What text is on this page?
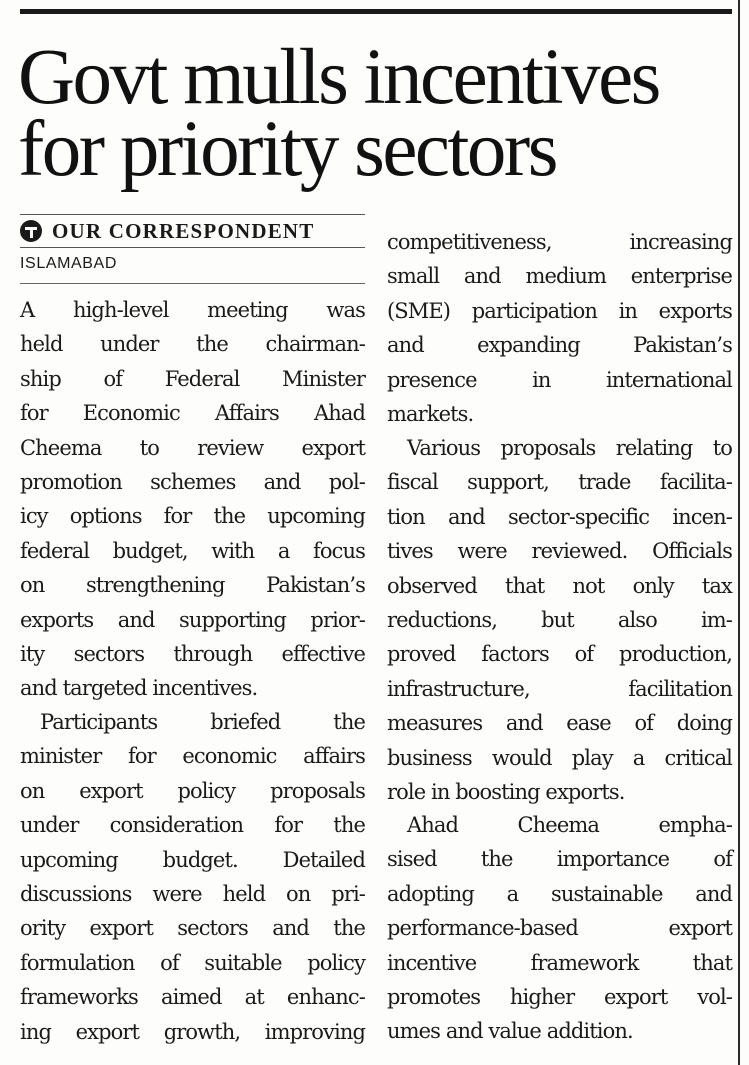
Govt mulls incentives
for priority sectors
OUR CORRESPONDENT
ISLAMABAD

A high-level meeting was
held under the chairman-
ship of Federal Minister
for Economic Affairs Ahad
Cheema to review export
promotion schemes and pol-
icy options for the upcoming
federal budget, with a focus
on strengthening Pakistan’s
exports and supporting prior-
ity sectors through effective
and targeted incentives.

Participants briefed the
minister for economic affairs
on export policy proposals
under consideration for the
upcoming budget. Detailed
discussions were held on pri-
ority export sectors and the
formulation of suitable policy
frameworks aimed at enhanc-
ing export growth, improving

competitiveness, increasing
small and medium enterprise
(SME) participation in exports
and expanding Pakistan’s
presence in international
markets.

Various proposals relating to
fiscal support, trade facilita-
tion and sector-specific incen-
tives were reviewed. Officials
observed that not only tax
reductions, but also im-
proved factors of production,
infrastructure, facilitation
measures and ease of doing
business would play a critical
role in boosting exports.

Ahad Cheema empha-
sised the importance of
adopting a sustainable and
performance-based export
incentive framework that
promotes higher export vol-
umes and value addition.
